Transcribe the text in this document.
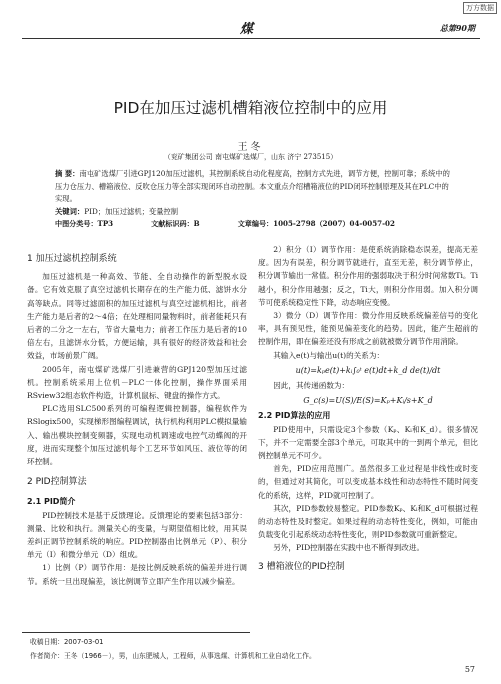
万方数据
煤	总第90期
PID在加压过滤机槽箱液位控制中的应用
王冬
（兖矿集团公司 南屯煤矿选煤厂，山东 济宁 273515）
摘 要：南屯矿选煤厂引进GPJ120加压过滤机，其控制系统自动化程度高，控制方式先进，调节方便，控制可靠；系统中的压力仓压力、槽箱液位、反吹仓压力等全部实现闭环自动控制。本文重点介绍槽箱液位的PID闭环控制原理及其在PLC中的实现。
关键词：PID；加压过滤机；变量控制
中图分类号：TP3	文献标识码：B	文章编号：1005-2798（2007）04-0057-02
1 加压过滤机控制系统

加压过滤机是一种高效、节能、全自动操作的新型脱水设备。它有效克服了真空过滤机长期存在的生产能力低、滤饼水分高等缺点。同等过滤面积的加压过滤机与真空过滤机相比，前者生产能力是后者的2～4倍；在处理相同量物料时，前者能耗只有后者的二分之一左右，节省大量电力；前者工作压力是后者的10倍左右，且滤饼水分低，方便运输，具有很好的经济效益和社会效益，市场前景广阔。

2005年，南屯煤矿选煤厂引进兼营的GPJ120型加压过滤机。控制系统采用上位机－PLC一体化控制，操作界面采用RSview32组态软件构造，计算机鼠标、键盘的操作方式。

PLC选用SLC500系列的可编程逻辑控制器，编程软件为RSlogix500，实现梯形图编程调试，执行机构利用PLC模拟量输入、输出模块控制变频器，实现电动机调速或电控气动蝶阀的开度，进而实现整个加压过滤机每个工艺环节如风压、液位等的闭环控制。

2 PID控制算法
2.1 PID简介

PID控制技术是基于反馈理论。反馈理论的要素包括3部分：测量、比较和执行。测量关心的变量，与期望值相比较，用其误差纠正调节控制系统的响应。PID控制器由比例单元（P）、积分单元（I）和微分单元（D）组成。

1）比例（P）调节作用：是按比例反映系统的偏差并进行调节。系统一旦出现偏差，该比例调节立即产生作用以减少偏差。

收稿日期：2007-03-01
作者简介：王冬（1966－），男，山东肥城人，工程师，从事选煤、计算机和工业自动化工作。

2）积分（I）调节作用：是使系统消除稳态误差，提高无差度。因为有误差，积分调节就进行，直至无差，积分调节停止，积分调节输出一常值。积分作用的强弱取决于积分时间常数Ti。Ti越小，积分作用越强；反之，Ti大，则积分作用弱。加入积分调节可使系统稳定性下降，动态响应变慢。

3）微分（D）调节作用：微分作用反映系统偏差信号的变化率，具有预见性，能预见偏差变化的趋势。因此，能产生超前的控制作用，即在偏差还没有形成之前就被微分调节作用消除。

其输入e(t)与输出u(t)的关系为：

u(t)=kₚe(t)+kᵢ∫₀ᵗ e(t)dt+k_d de(t)/dt

因此，其传递函数为：

G_c(s)=U(S)/E(S)=Kₚ+Kᵢ/s+K_d
2.2 PID算法的应用

PID使用中，只需设定3个参数（Kₚ、Kᵢ和K_d）。很多情况下，并不一定需要全部3个单元，可取其中的一到两个单元，但比例控制单元不可少。

首先，PID应用范围广。虽然很多工业过程是非线性或时变的，但通过对其简化，可以变成基本线性和动态特性不随时间变化的系统，这样，PID就可控制了。

其次，PID参数较易整定。PID参数Kₚ、Kᵢ和K_d可根据过程的动态特性及时整定。如果过程的动态特性变化，例如，可能由负载变化引起系统动态特性变化，则PID参数就可重新整定。

另外，PID控制器在实践中也不断得到改进。

3 槽箱液位的PID控制
57
